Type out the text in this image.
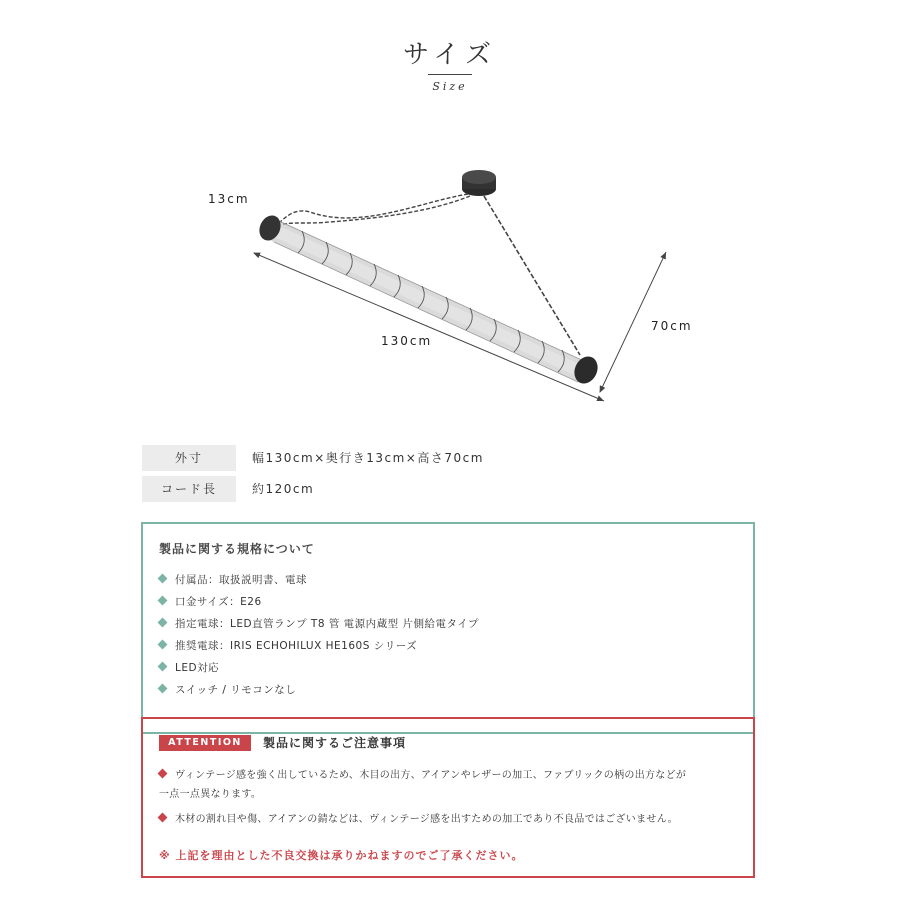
サイズ
Size
13cm
130cm
70cm
外寸	幅130cm×奥行き13cm×高さ70cm
コード長	約120cm
製品に関する規格について
付属品：取扱説明書、電球
口金サイズ：E26
指定電球：LED直管ランプ T8 管 電源内蔵型 片側給電タイプ
推奨電球：IRIS ECHOHILUX HE160S シリーズ
LED対応
スイッチ / リモコンなし
ATTENTION	製品に関するご注意事項
ヴィンテージ感を強く出しているため、木目の出方、アイアンやレザーの加工、ファブリックの柄の出方などが
一点一点異なります。
木材の割れ目や傷、アイアンの錆などは、ヴィンテージ感を出すための加工であり不良品ではございません。
※ 上記を理由とした不良交換は承りかねますのでご了承ください。
